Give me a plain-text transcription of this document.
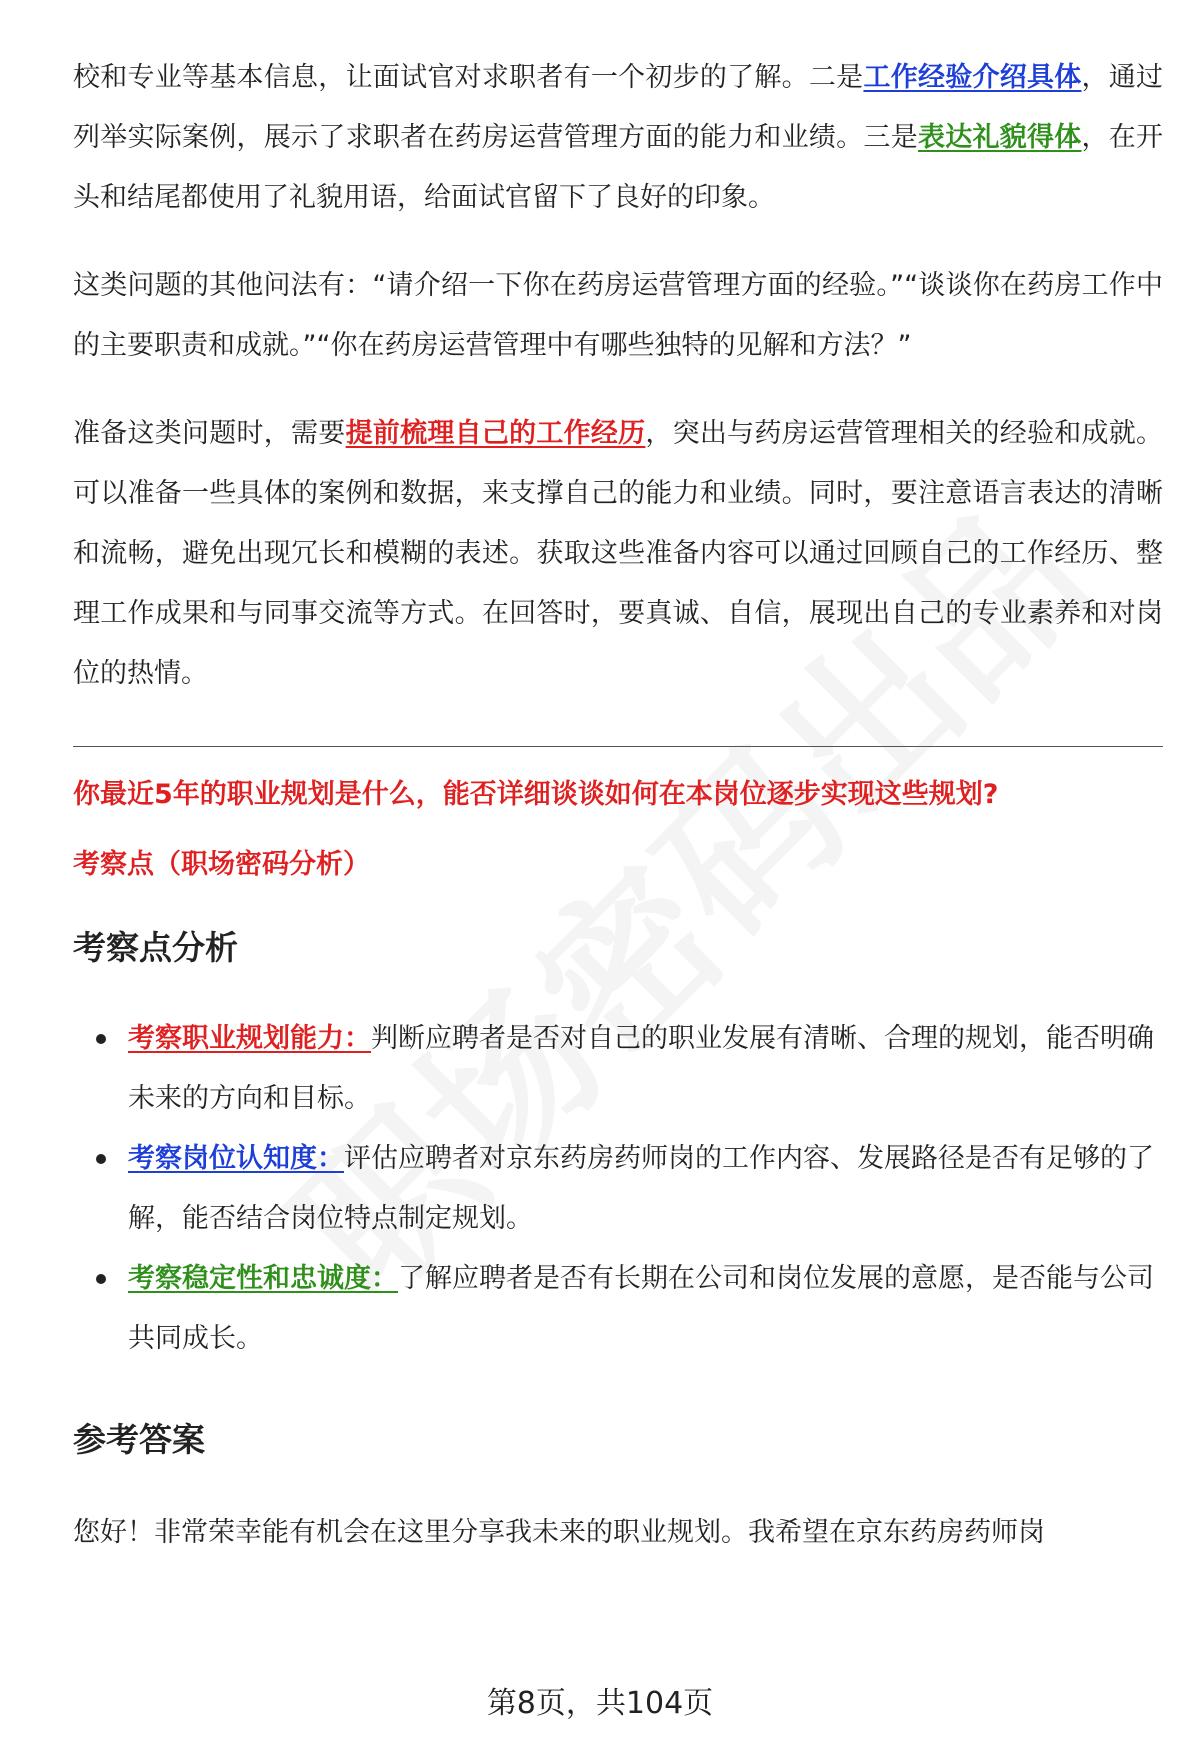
校和专业等基本信息，让面试官对求职者有一个初步的了解。二是工作经验介绍具体，通过列举实际案例，展示了求职者在药房运营管理方面的能力和业绩。三是表达礼貌得体，在开头和结尾都使用了礼貌用语，给面试官留下了良好的印象。

这类问题的其他问法有：“请介绍一下你在药房运营管理方面的经验。”“谈谈你在药房工作中的主要职责和成就。”“你在药房运营管理中有哪些独特的见解和方法？”

准备这类问题时，需要提前梳理自己的工作经历，突出与药房运营管理相关的经验和成就。可以准备一些具体的案例和数据，来支撑自己的能力和业绩。同时，要注意语言表达的清晰和流畅，避免出现冗长和模糊的表述。获取这些准备内容可以通过回顾自己的工作经历、整理工作成果和与同事交流等方式。在回答时，要真诚、自信，展现出自己的专业素养和对岗位的热情。

你最近5年的职业规划是什么，能否详细谈谈如何在本岗位逐步实现这些规划?

考察点（职场密码分析）

考察点分析
考察职业规划能力：判断应聘者是否对自己的职业发展有清晰、合理的规划，能否明确未来的方向和目标。
考察岗位认知度：评估应聘者对京东药房药师岗的工作内容、发展路径是否有足够的了解，能否结合岗位特点制定规划。
考察稳定性和忠诚度：了解应聘者是否有长期在公司和岗位发展的意愿，是否能与公司共同成长。
参考答案

您好！非常荣幸能有机会在这里分享我未来的职业规划。我希望在京东药房药师岗

第8页，共104页
